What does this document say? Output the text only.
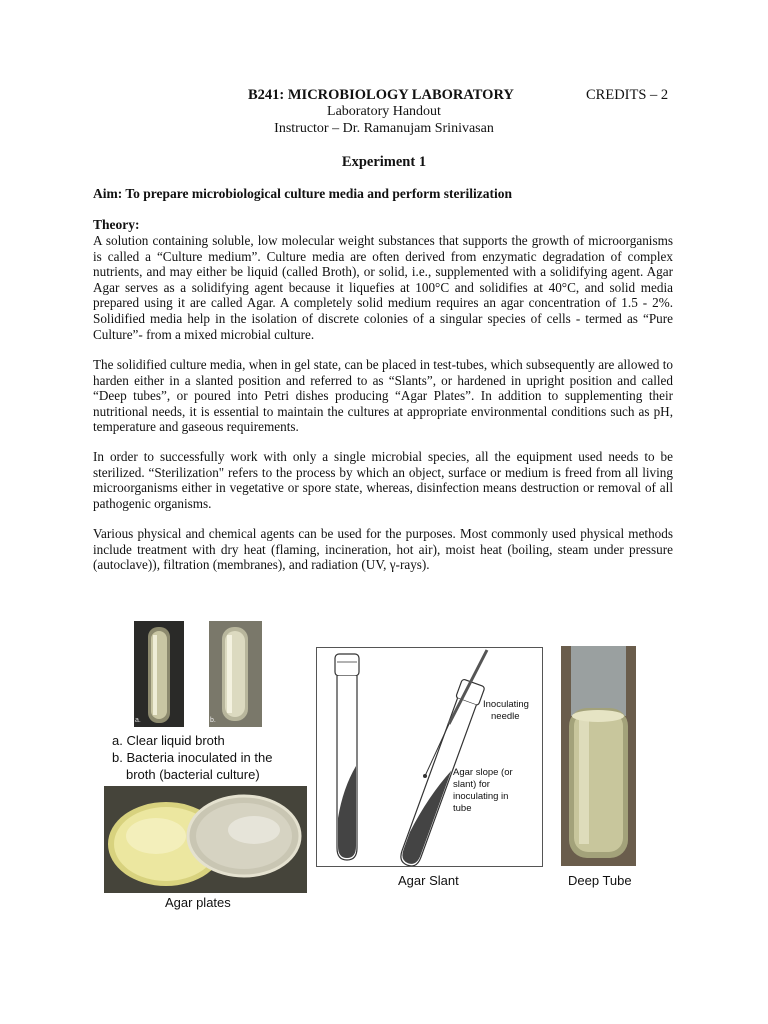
B241: MICROBIOLOGY LABORATORY	CREDITS – 2
Laboratory Handout
Instructor – Dr. Ramanujam Srinivasan
Experiment 1
Aim: To prepare microbiological culture media and perform sterilization
Theory:

A solution containing soluble, low molecular weight substances that supports the growth of microorganisms is called a “Culture medium”. Culture media are often derived from enzymatic degradation of complex nutrients, and may either be liquid (called Broth), or solid, i.e., supplemented with a solidifying agent. Agar Agar serves as a solidifying agent because it liquefies at 100°C and solidifies at 40°C, and solid media prepared using it are called Agar. A completely solid medium requires an agar concentration of 1.5 - 2%. Solidified media help in the isolation of discrete colonies of a singular species of cells - termed as “Pure Culture”- from a mixed microbial culture.

The solidified culture media, when in gel state, can be placed in test-tubes, which subsequently are allowed to harden either in a slanted position and referred to as “Slants”, or hardened in upright position and called “Deep tubes”, or poured into Petri dishes producing “Agar Plates”. In addition to supplementing their nutritional needs, it is essential to maintain the cultures at appropriate environmental conditions such as pH, temperature and gaseous requirements.

In order to successfully work with only a single microbial species, all the equipment used needs to be sterilized. “Sterilization" refers to the process by which an object, surface or medium is freed from all living microorganisms either in vegetative or spore state, whereas, disinfection means destruction or removal of all pathogenic organisms.

Various physical and chemical agents can be used for the purposes. Most commonly used physical methods include treatment with dry heat (flaming, incineration, hot air), moist heat (boiling, steam under pressure (autoclave)), filtration (membranes), and radiation (UV, γ-rays).

a.	b.
a. Clear liquid broth
b. Bacteria inoculated in the
broth (bacterial culture)
Agar plates
Inoculating
needle
Agar slope (or
slant) for
inoculating in
tube
Agar Slant	Deep Tube
